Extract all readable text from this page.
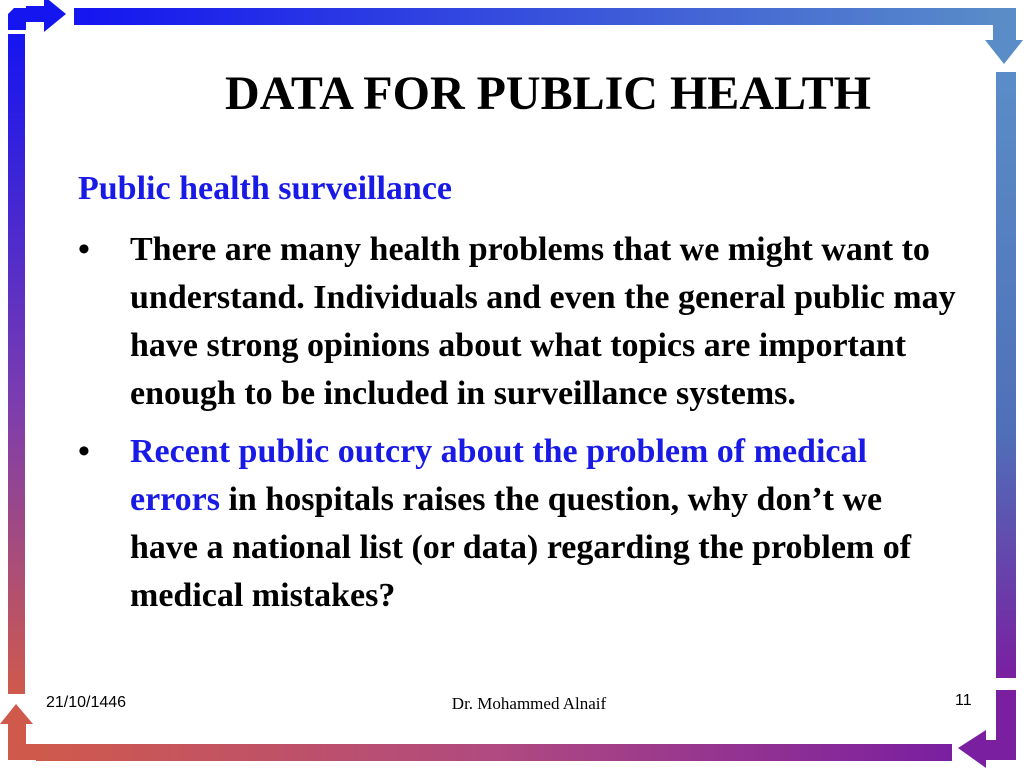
DATA FOR PUBLIC HEALTH
Public health surveillance
• There are many health problems that we might want to understand. Individuals and even the general public may have strong opinions about what topics are important enough to be included in surveillance systems.
• Recent public outcry about the problem of medical errors in hospitals raises the question, why don’t we have a national list (or data) regarding the problem of medical mistakes?
21/10/1446	Dr. Mohammed Alnaif	11
